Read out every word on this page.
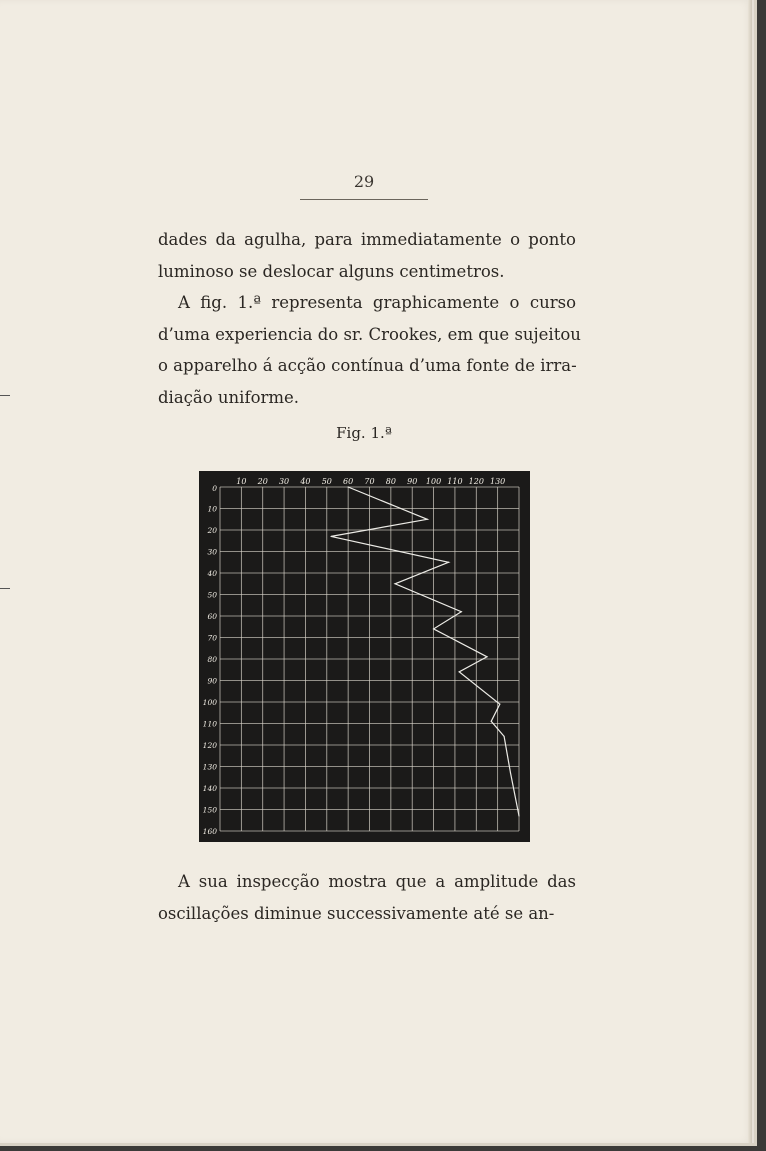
29

dades da agulha, para immediatamente o ponto
luminoso se deslocar alguns centimetros.

A fig. 1.ª representa graphicamente o curso
d’uma experiencia do sr. Crookes, em que sujeitou
o apparelho á acção contínua d’uma fonte de irra-
diação uniforme.

Fig. 1.ª
10 20 30 40 50 60 70 80 90 100 110 120 130
0
10
20
30
40
50
60
70
80
90
100
110
120
130
140
150
160

A sua inspecção mostra que a amplitude das
oscillações diminue successivamente até se an-
